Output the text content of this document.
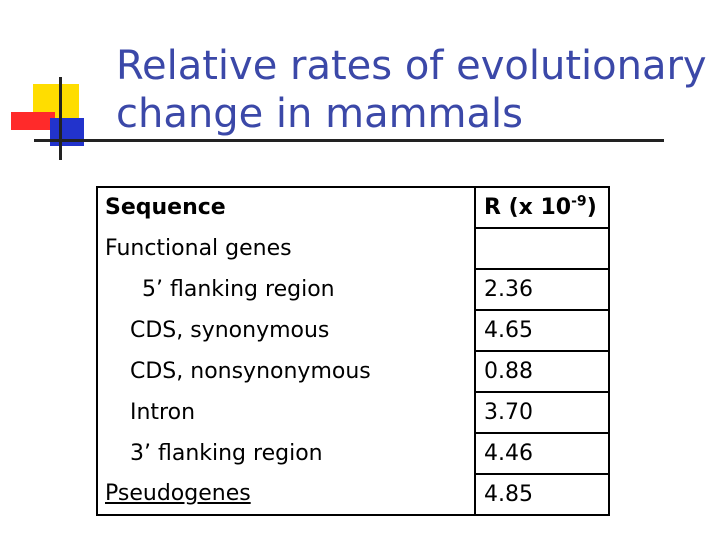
Relative rates of evolutionary
change in mammals
Sequence	R (x $10^{-9}$)
Functional genes	
5’ flanking region	2.36
CDS, synonymous	4.65
CDS, nonsynonymous	0.88
Intron	3.70
3’ flanking region	4.46
Pseudogenes	4.85
